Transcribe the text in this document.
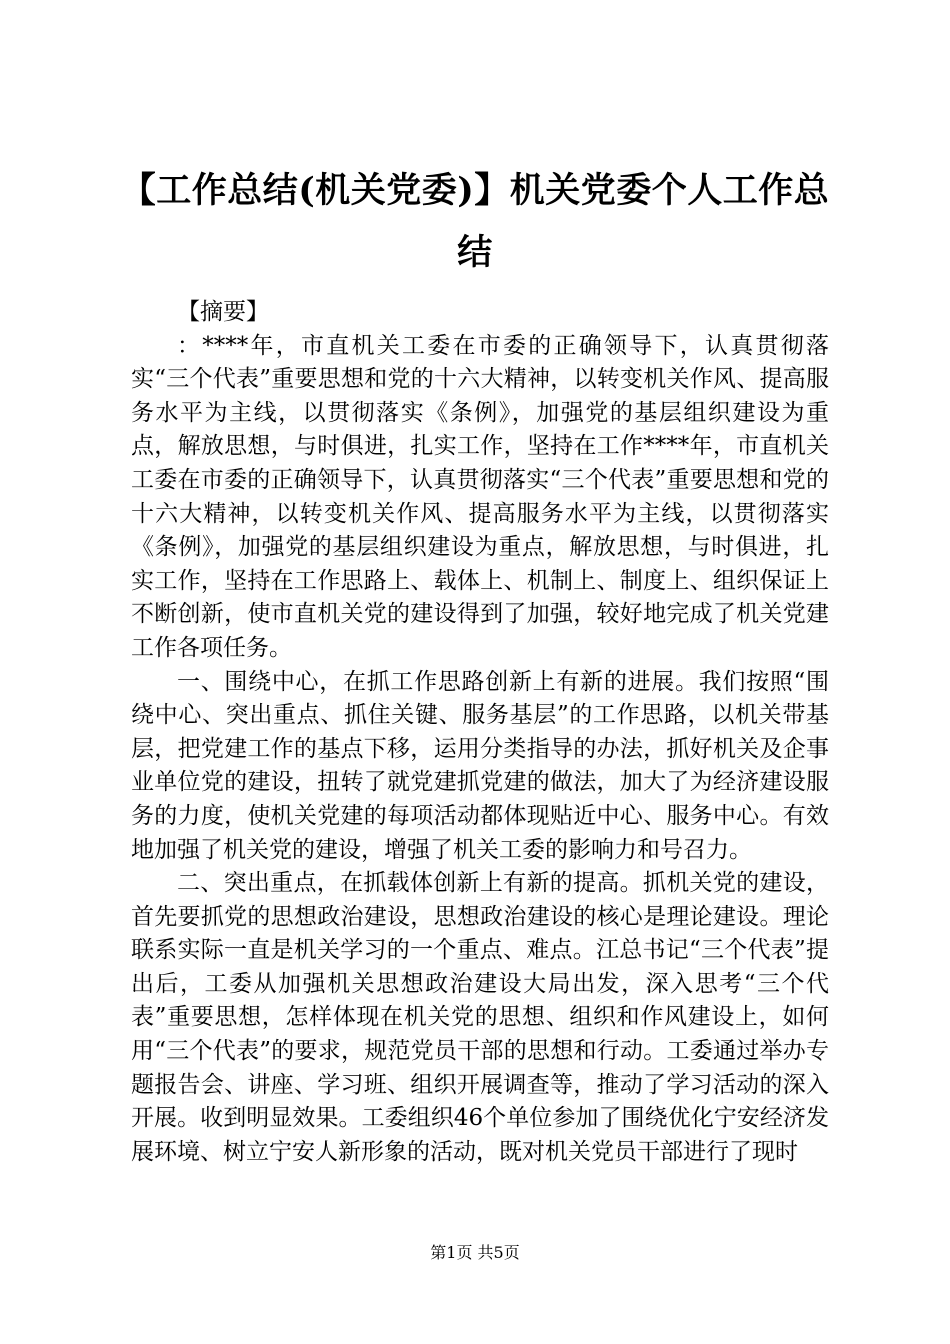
【工作总结(机关党委)】机关党委个人工作总结

【摘要】

：****年，市直机关工委在市委的正确领导下，认真贯彻落实“三个代表”重要思想和党的十六大精神，以转变机关作风、提高服务水平为主线，以贯彻落实《条例》，加强党的基层组织建设为重点，解放思想，与时俱进，扎实工作，坚持在工作****年，市直机关工委在市委的正确领导下，认真贯彻落实“三个代表”重要思想和党的十六大精神，以转变机关作风、提高服务水平为主线，以贯彻落实《条例》，加强党的基层组织建设为重点，解放思想，与时俱进，扎实工作，坚持在工作思路上、载体上、机制上、制度上、组织保证上不断创新，使市直机关党的建设得到了加强，较好地完成了机关党建工作各项任务。

一、围绕中心，在抓工作思路创新上有新的进展。我们按照“围绕中心、突出重点、抓住关键、服务基层”的工作思路，以机关带基层，把党建工作的基点下移，运用分类指导的办法，抓好机关及企事业单位党的建设，扭转了就党建抓党建的做法，加大了为经济建设服务的力度，使机关党建的每项活动都体现贴近中心、服务中心。有效地加强了机关党的建设，增强了机关工委的影响力和号召力。

二、突出重点，在抓载体创新上有新的提高。抓机关党的建设，首先要抓党的思想政治建设，思想政治建设的核心是理论建设。理论联系实际一直是机关学习的一个重点、难点。江总书记“三个代表”提出后，工委从加强机关思想政治建设大局出发，深入思考“三个代表”重要思想，怎样体现在机关党的思想、组织和作风建设上，如何用“三个代表”的要求，规范党员干部的思想和行动。工委通过举办专题报告会、讲座、学习班、组织开展调查等，推动了学习活动的深入开展。收到明显效果。工委组织46个单位参加了围绕优化宁安经济发展环境、树立宁安人新形象的活动，既对机关党员干部进行了现时

第1页 共5页
